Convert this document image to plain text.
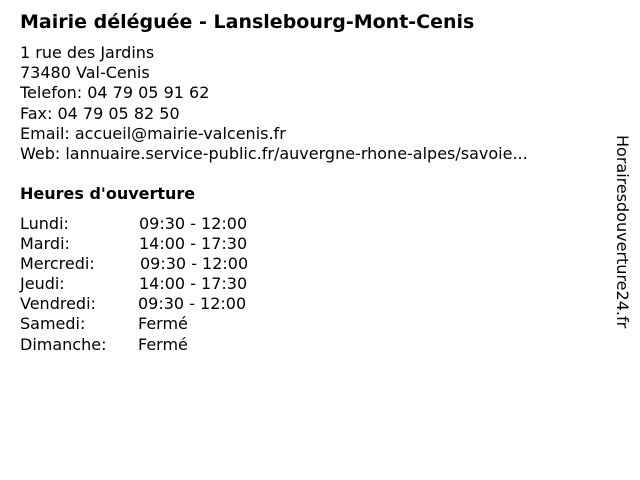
Mairie déléguée - Lanslebourg-Mont-Cenis
1 rue des Jardins
73480 Val-Cenis
Telefon: 04 79 05 91 62
Fax: 04 79 05 82 50
Email: accueil@mairie-valcenis.fr
Web: lannuaire.service-public.fr/auvergne-rhone-alpes/savoie...
Heures d'ouverture
Lundi:	09:30 - 12:00
Mardi:	14:00 - 17:30
Mercredi:	09:30 - 12:00
Jeudi:	14:00 - 17:30
Vendredi:	09:30 - 12:00
Samedi:	Fermé
Dimanche: Fermé
Horairesdouverture24.fr
